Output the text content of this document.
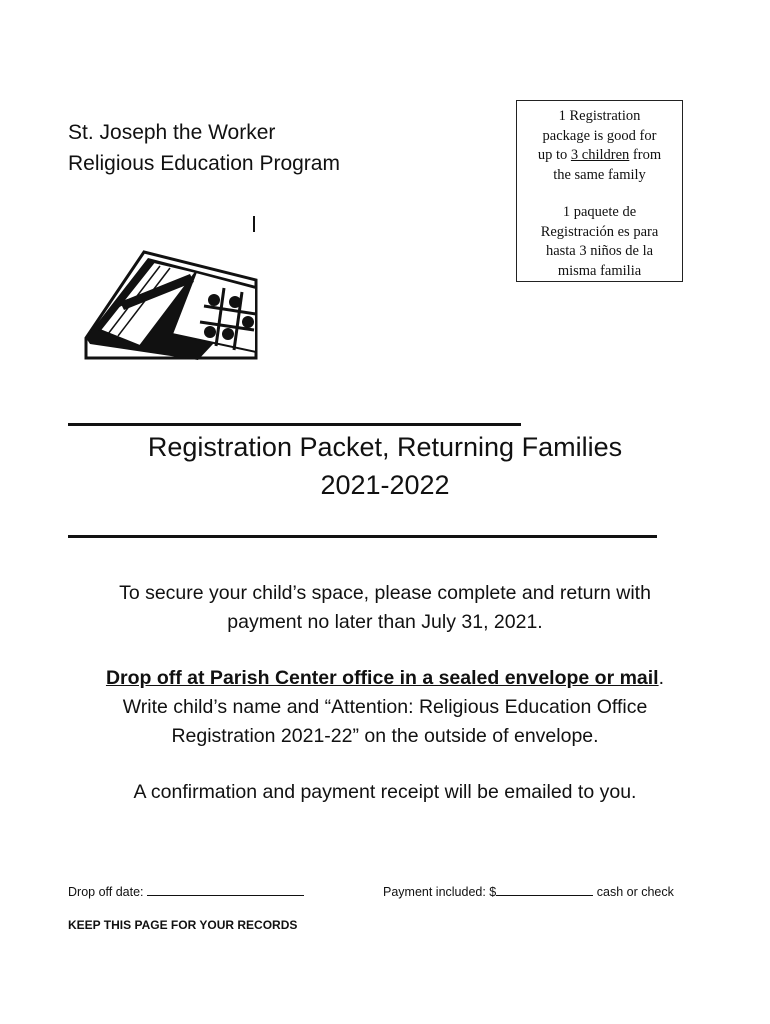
St. Joseph the Worker
Religious Education Program

1 Registration

package is good for

up to 3 children from

the same family

1 paquete de

Registración es para

hasta 3 niños de la

misma familia

Registration Packet, Returning Families
2021-2022
To secure your child’s space, please complete and return with
payment no later than July 31, 2021.
Drop off at Parish Center office in a sealed envelope or mail.
Write child’s name and “Attention: Religious Education Office
Registration 2021-22” on the outside of envelope.
A confirmation and payment receipt will be emailed to you.
Drop off date:	Payment included: $	cash or check
KEEP THIS PAGE FOR YOUR RECORDS
